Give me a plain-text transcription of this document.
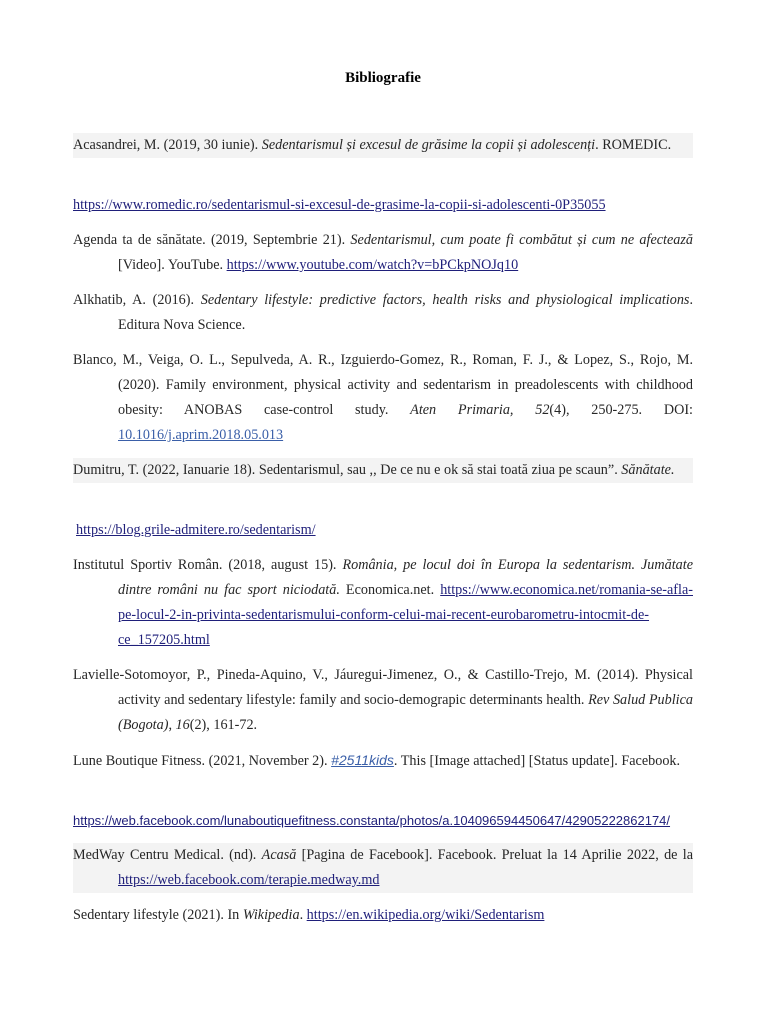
Bibliografie
Acasandrei, M. (2019, 30 iunie). Sedentarismul și excesul de grăsime la copii și adolescenți. ROMEDIC.
https://www.romedic.ro/sedentarismul-si-excesul-de-grasime-la-copii-si-adolescenti-0P35055
Agenda ta de sănătate. (2019, Septembrie 21). Sedentarismul, cum poate fi combătut și cum ne afectează [Video]. YouTube. https://www.youtube.com/watch?v=bPCkpNOJq10
Alkhatib, A. (2016). Sedentary lifestyle: predictive factors, health risks and physiological implications. Editura Nova Science.
Blanco, M., Veiga, O. L., Sepulveda, A. R., Izguierdo-Gomez, R., Roman, F. J., & Lopez, S., Rojo, M. (2020). Family environment, physical activity and sedentarism in preadolescents with childhood obesity: ANOBAS case-control study. Aten Primaria, 52(4), 250-275. DOI: 10.1016/j.aprim.2018.05.013
Dumitru, T. (2022, Ianuarie 18). Sedentarismul, sau ,, De ce nu e ok să stai toată ziua pe scaun”. Sănătate.
https://blog.grile-admitere.ro/sedentarism/
Institutul Sportiv Român. (2018, august 15). România, pe locul doi în Europa la sedentarism. Jumătate dintre români nu fac sport niciodată. Economica.net. https://www.economica.net/romania-se-afla-pe-locul-2-in-privinta-sedentarismului-conform-celui-mai-recent-eurobarometru-intocmit-de-ce_157205.html
Lavielle-Sotomoyor, P., Pineda-Aquino, V., Jáuregui-Jimenez, O., & Castillo-Trejo, M. (2014). Physical activity and sedentary lifestyle: family and socio-demograpic determinants health. Rev Salud Publica (Bogota), 16(2), 161-72.
Lune Boutique Fitness. (2021, November 2). #2511kids. This [Image attached] [Status update]. Facebook.
https://web.facebook.com/lunaboutiquefitness.constanta/photos/a.104096594450647/42905222862174/
MedWay Centru Medical. (nd). Acasă [Pagina de Facebook]. Facebook. Preluat la 14 Aprilie 2022, de la https://web.facebook.com/terapie.medway.md
Sedentary lifestyle (2021). In Wikipedia. https://en.wikipedia.org/wiki/Sedentarism
